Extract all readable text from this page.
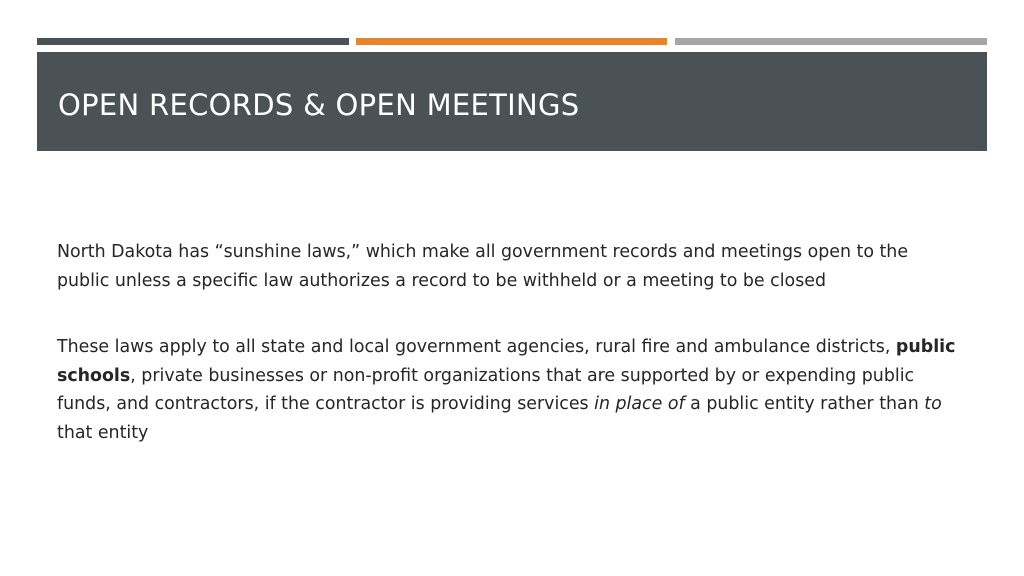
OPEN RECORDS & OPEN MEETINGS

North Dakota has “sunshine laws,” which make all government records and meetings open to the public unless a specific law authorizes a record to be withheld or a meeting to be closed

These laws apply to all state and local government agencies, rural fire and ambulance districts, public schools, private businesses or non-profit organizations that are supported by or expending public funds, and contractors, if the contractor is providing services in place of a public entity rather than to that entity
